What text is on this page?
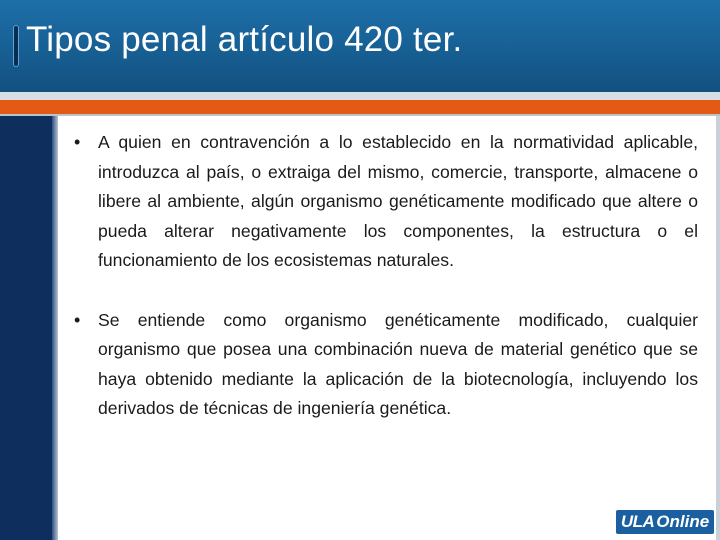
Tipos penal artículo 420 ter.
• A quien en contravención a lo establecido en la normatividad aplicable, introduzca al país, o extraiga del mismo, comercie, transporte, almacene o libere al ambiente, algún organismo genéticamente modificado que altere o pueda alterar negativamente los componentes, la estructura o el funcionamiento de los ecosistemas naturales.
• Se entiende como organismo genéticamente modificado, cualquier organismo que posea una combinación nueva de material genético que se haya obtenido mediante la aplicación de la biotecnología, incluyendo los derivados de técnicas de ingeniería genética.
ULA Online
